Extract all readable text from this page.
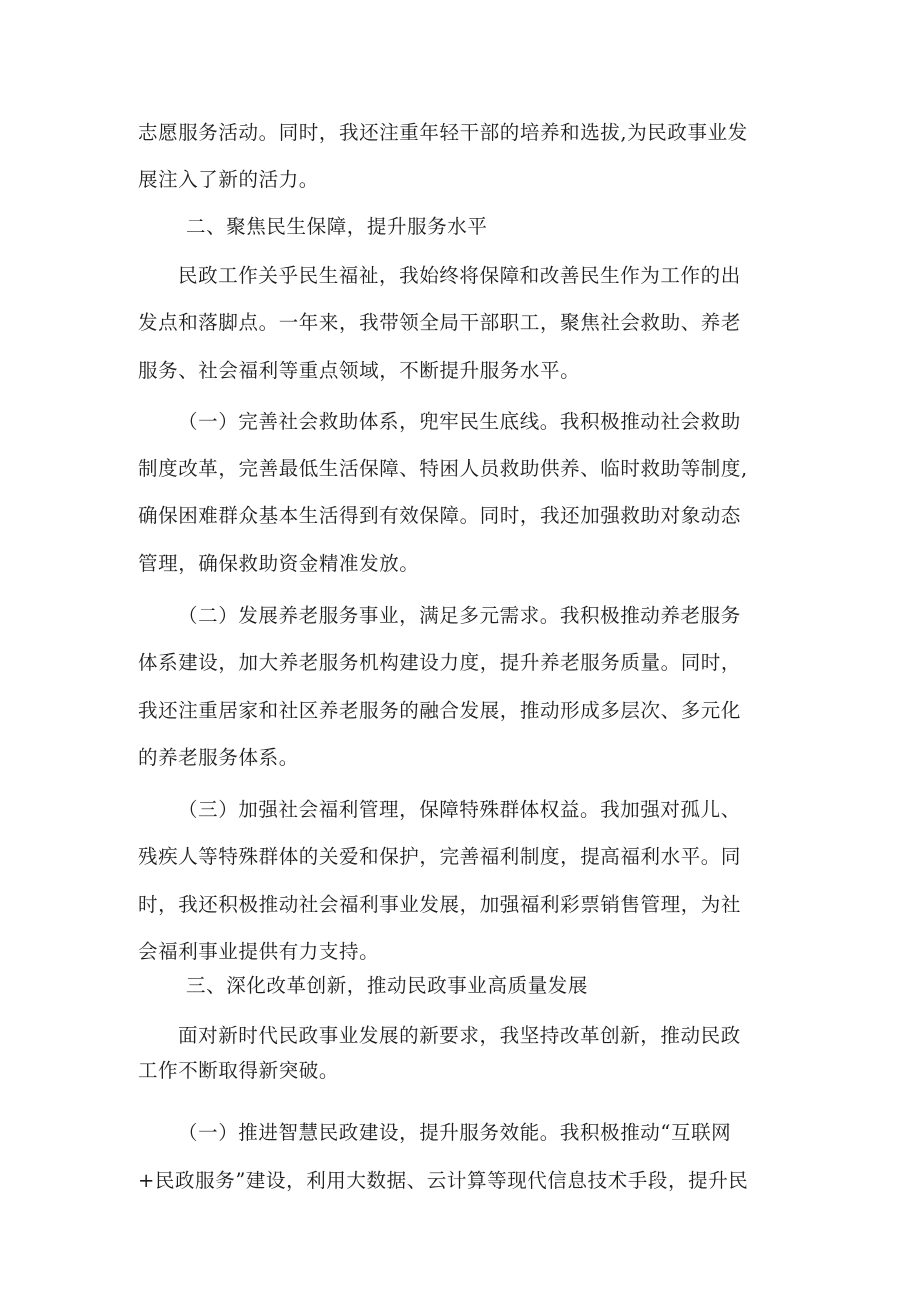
志愿服务活动。同时，我还注重年轻干部的培养和选拔,为民政事业发
展注入了新的活力。
二、聚焦民生保障，提升服务水平
民政工作关乎民生福祉，我始终将保障和改善民生作为工作的出
发点和落脚点。一年来，我带领全局干部职工，聚焦社会救助、养老
服务、社会福利等重点领域，不断提升服务水平。
（一）完善社会救助体系，兜牢民生底线。我积极推动社会救助
制度改革，完善最低生活保障、特困人员救助供养、临时救助等制度,
确保困难群众基本生活得到有效保障。同时，我还加强救助对象动态
管理，确保救助资金精准发放。
（二）发展养老服务事业，满足多元需求。我积极推动养老服务
体系建设，加大养老服务机构建设力度，提升养老服务质量。同时，
我还注重居家和社区养老服务的融合发展，推动形成多层次、多元化
的养老服务体系。
（三）加强社会福利管理，保障特殊群体权益。我加强对孤儿、
残疾人等特殊群体的关爱和保护，完善福利制度，提高福利水平。同
时，我还积极推动社会福利事业发展，加强福利彩票销售管理，为社
会福利事业提供有力支持。
三、深化改革创新，推动民政事业高质量发展
面对新时代民政事业发展的新要求，我坚持改革创新，推动民政
工作不断取得新突破。
（一）推进智慧民政建设，提升服务效能。我积极推动“互联网
+民政服务”建设，利用大数据、云计算等现代信息技术手段，提升民
